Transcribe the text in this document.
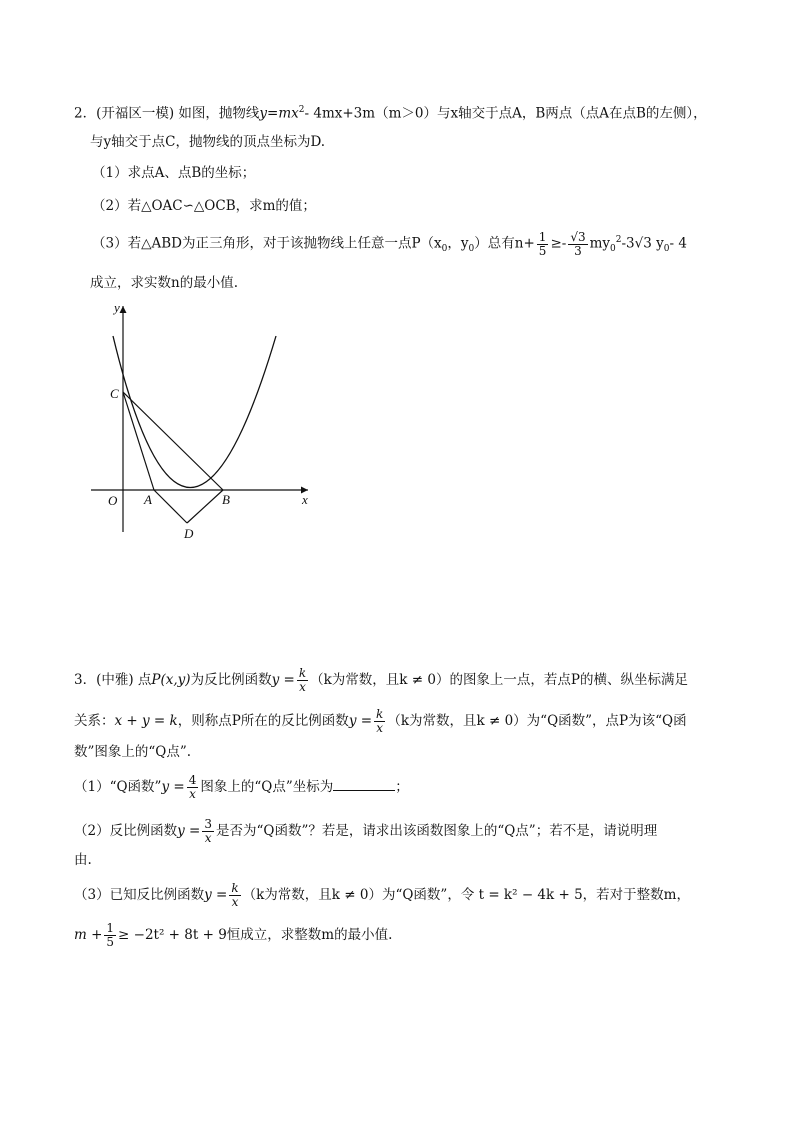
2．(开福区一模) 如图，抛物线$y=mx^2-$ 4mx+3m（m＞0）与x轴交于点A，B两点（点A在点B的左侧），
与y轴交于点C，抛物线的顶点坐标为D.
（1）求点A、点B的坐标；
（2）若△OAC∽△OCB，求m的值；
（3）若△ABD为正三角形，对于该抛物线上任意一点$P(x_0$，$y_0$）总有$n+ \frac{1}{5} \ge- \frac{√3}{3} my_0^2-3√3$ $y_0-$ 4
成立，求实数n的最小值.
y
x
O A	B
C
D
3．(中雅) 点P(x,y)为反比例函数$y = \frac{k}{x} (k$为常数，且k ≠ 0）的图象上一点，若点P的横、纵坐标满足
关系：x + y = k，则称点P所在的反比例函数$y = \frac{k}{x} (k$为常数，且k ≠ 0）为“Q函数”，点P为该“Q函
数”图象上的“Q点”.
（1）“Q函数”y = $\frac{4}{x}$ 图象上的“Q点”坐标为	；
（2）反比例函数$y = \frac{3}{x}$ 是否为“Q函数”？若是，请求出该函数图象上的“Q点”；若不是，请说明理
由.
（3）已知反比例函数$y = \frac{k}{x} (k$为常数，且k ≠ 0）为“Q函数”，令 t = k² − 4k + 5，若对于整数m，
$m + \frac{1}{5} \ge -2t^2 + 8t + 9$恒成立，求整数m的最小值.
